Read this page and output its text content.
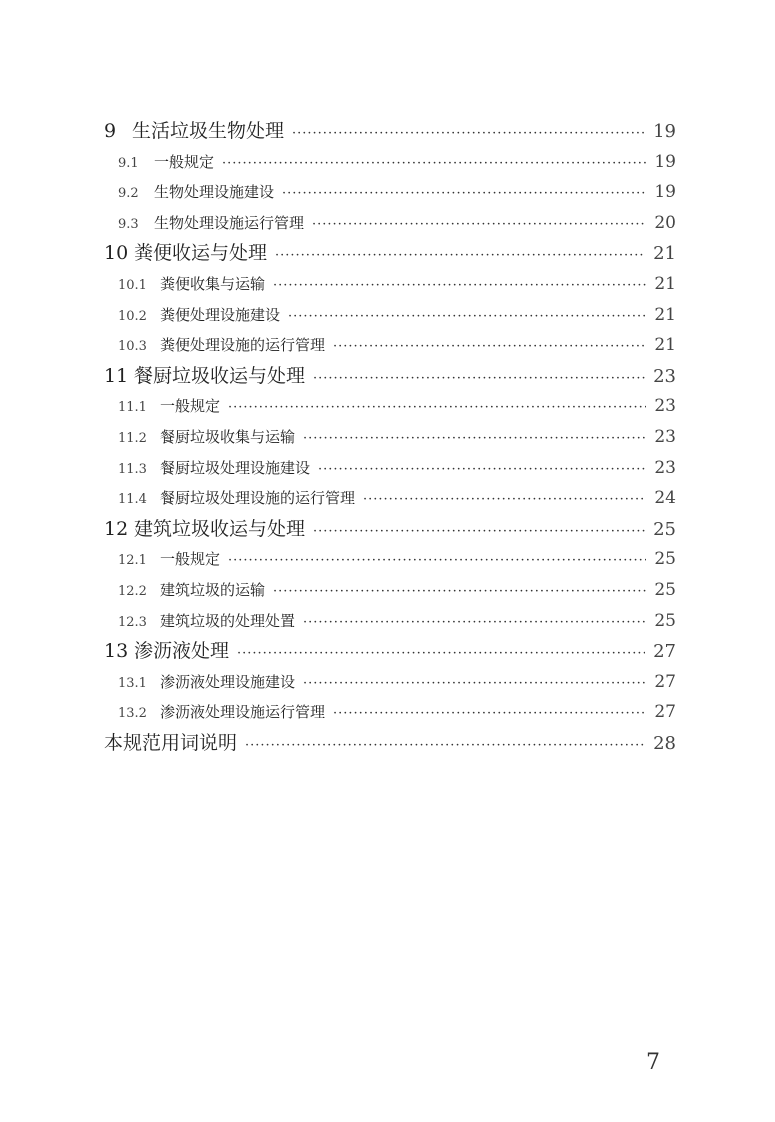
9 生活垃圾生物处理 ·····	19
9.1	一般规定 ·····	19
9.2	生物处理设施建设 ·····	19
9.3	生物处理设施运行管理 ·····	20
10 粪便收运与处理 ·····	21
10.1 粪便收集与运输 ·····	21
10.2 粪便处理设施建设 ·····	21
10.3 粪便处理设施的运行管理 ·····	21
11 餐厨垃圾收运与处理 ·····	23
11.1 一般规定 ·····	23
11.2 餐厨垃圾收集与运输 ·····	23
11.3 餐厨垃圾处理设施建设 ·····	23
11.4 餐厨垃圾处理设施的运行管理 ·····	24
12 建筑垃圾收运与处理 ·····	25
12.1 一般规定 ·····	25
12.2 建筑垃圾的运输 ·····	25
12.3 建筑垃圾的处理处置 ·····	25
13 渗沥液处理 ·····	27
13.1 渗沥液处理设施建设 ·····	27
13.2 渗沥液处理设施运行管理 ·····	27
本规范用词说明 ·····	28
7
